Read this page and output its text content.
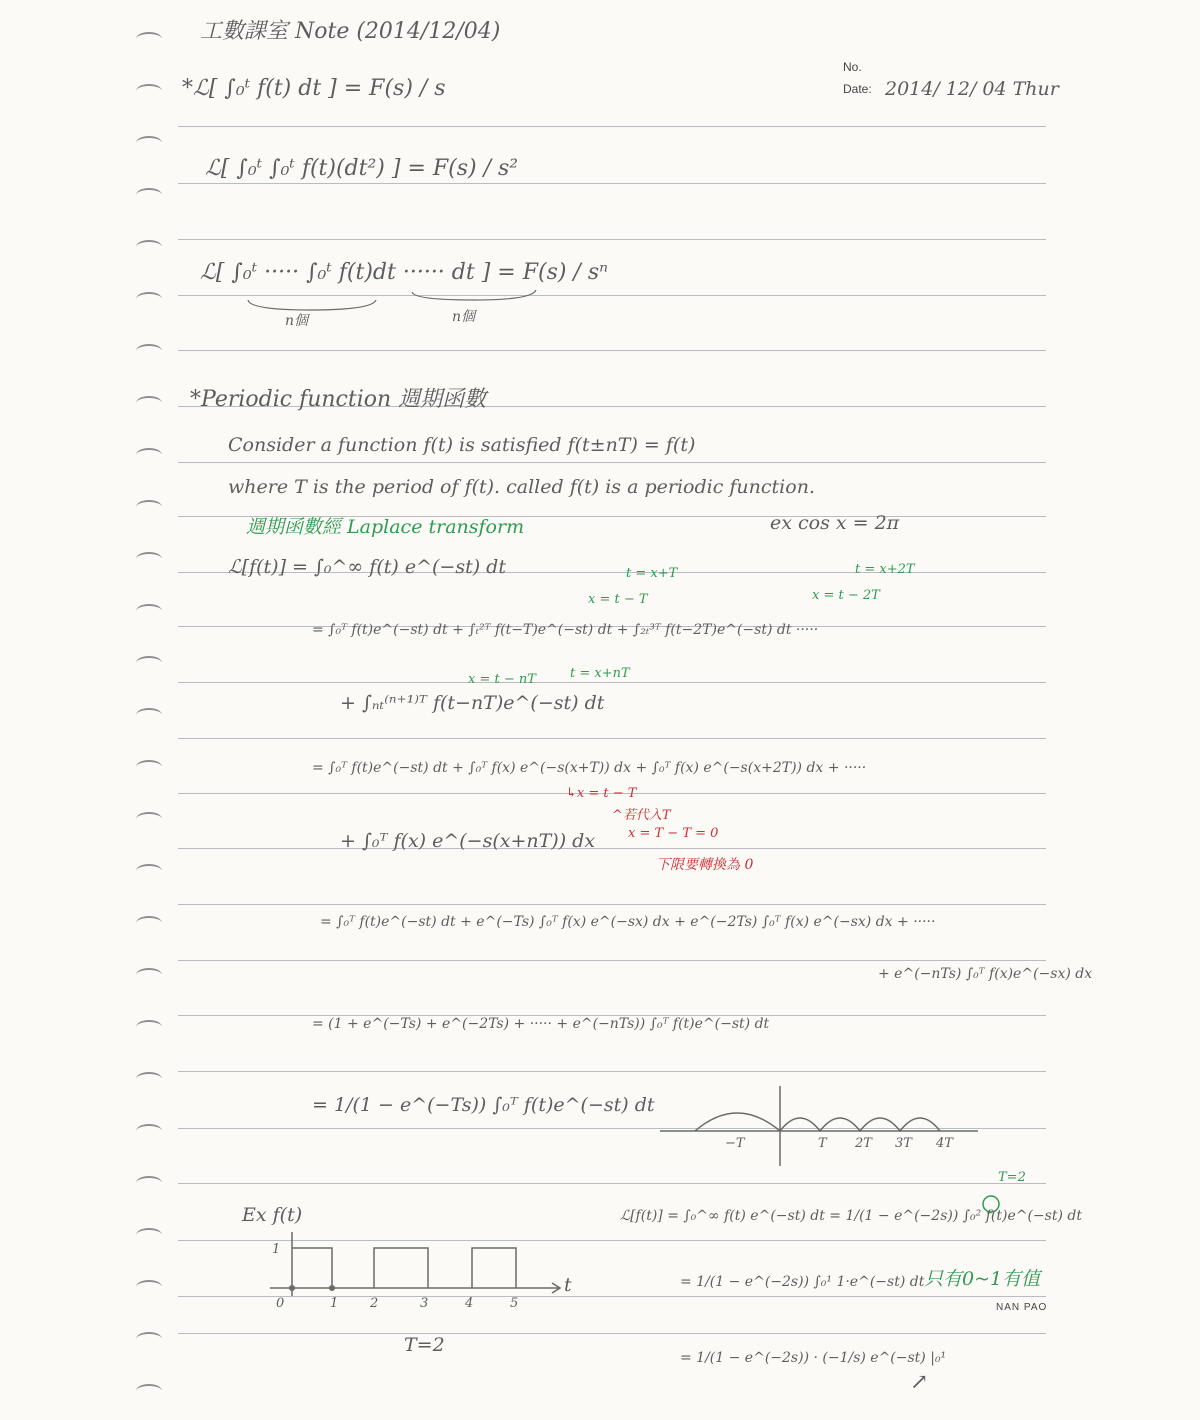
工數課室 Note (2014/12/04)
No.
Date: 2014/ 12/ 04 Thur
*ℒ[ ∫₀ᵗ f(t) dt ] = F(s) / s
ℒ[ ∫₀ᵗ ∫₀ᵗ f(t)(dt²) ] = F(s) / s²
ℒ[ ∫₀ᵗ ····· ∫₀ᵗ f(t)dt ······ dt ] = F(s) / sⁿ
n個	n個
*Periodic function 週期函數
Consider a function f(t) is satisfied f(t±nT) = f(t)
where T is the period of f(t). called f(t) is a periodic function.
週期函數經 Laplace transform	ex cos x = 2π
ℒ[f(t)] = ∫₀^∞ f(t) e^(−st) dt	t = x+T
x = t − T
t = x+2T
x = t − 2T
= ∫₀ᵀ f(t)e^(−st) dt + ∫ₜ²ᵀ f(t−T)e^(−st) dt + ∫₂ₜ³ᵀ f(t−2T)e^(−st) dt ·····
x = t − nT	t = x+nT
+ ∫ₙₜ⁽ⁿ⁺¹⁾ᵀ f(t−nT)e^(−st) dt
= ∫₀ᵀ f(t)e^(−st) dt + ∫₀ᵀ f(x) e^(−s(x+T)) dx + ∫₀ᵀ f(x) e^(−s(x+2T)) dx + ·····
↳x = t − T
^若代入T
x = T − T = 0
下限要轉換為 0
+ ∫₀ᵀ f(x) e^(−s(x+nT)) dx
= ∫₀ᵀ f(t)e^(−st) dt + e^(−Ts) ∫₀ᵀ f(x) e^(−sx) dx + e^(−2Ts) ∫₀ᵀ f(x) e^(−sx) dx + ·····
+ e^(−nTs) ∫₀ᵀ f(x)e^(−sx) dx
= (1 + e^(−Ts) + e^(−2Ts) + ····· + e^(−nTs)) ∫₀ᵀ f(t)e^(−st) dt
= 1/(1 − e^(−Ts)) ∫₀ᵀ f(t)e^(−st) dt
−T	T 2T 3T 4T
Ex f(t)
1
0	1 2	3	4	5
t
T=2
T=2
ℒ[f(t)] = ∫₀^∞ f(t) e^(−st) dt = 1/(1 − e^(−2s)) ∫₀² f(t)e^(−st) dt
= 1/(1 − e^(−2s)) ∫₀¹ 1·e^(−st) dt 只有0~1有值
= 1/(1 − e^(−2s)) · (−1/s) e^(−st) |₀¹
↗
NAN PAO
